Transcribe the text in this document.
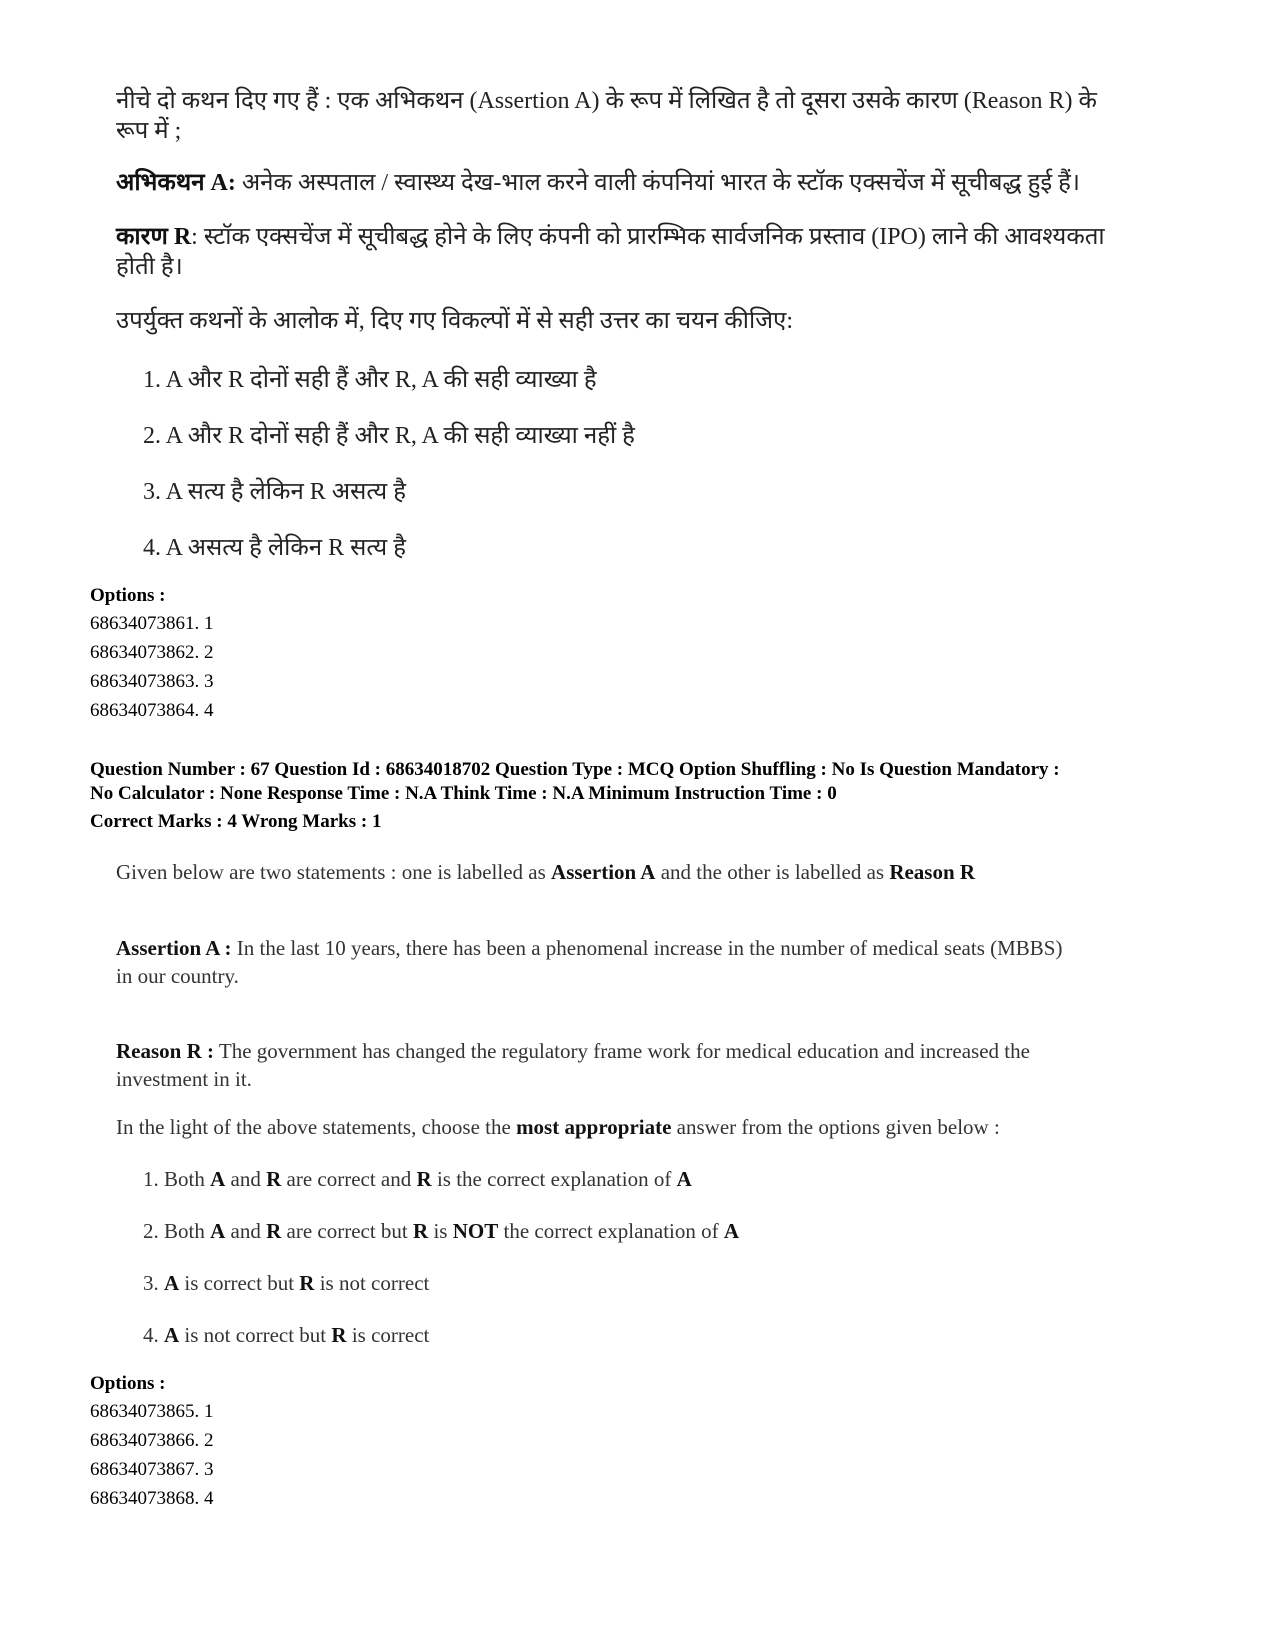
नीचे दो कथन दिए गए हैं : एक अभिकथन (Assertion A) के रूप में लिखित है तो दूसरा उसके कारण (Reason R) के रूप में ;
अभिकथन A: अनेक अस्पताल / स्वास्थ्य देख-भाल करने वाली कंपनियां भारत के स्टॉक एक्सचेंज में सूचीबद्ध हुई हैं।
कारण R: स्टॉक एक्सचेंज में सूचीबद्ध होने के लिए कंपनी को प्रारम्भिक सार्वजनिक प्रस्ताव (IPO) लाने की आवश्यकता होती है।
उपर्युक्त कथनों के आलोक में, दिए गए विकल्पों में से सही उत्तर का चयन कीजिए:
1. A और R दोनों सही हैं और R, A की सही व्याख्या है
2. A और R दोनों सही हैं और R, A की सही व्याख्या नहीं है
3. A सत्य है लेकिन R असत्य है
4. A असत्य है लेकिन R सत्य है
Options :
68634073861. 1
68634073862. 2
68634073863. 3
68634073864. 4
Question Number : 67 Question Id : 68634018702 Question Type : MCQ Option Shuffling : No Is Question Mandatory :
No Calculator : None Response Time : N.A Think Time : N.A Minimum Instruction Time : 0
Correct Marks : 4 Wrong Marks : 1
Given below are two statements : one is labelled as Assertion A and the other is labelled as Reason R
Assertion A : In the last 10 years, there has been a phenomenal increase in the number of medical seats (MBBS) in our country.
Reason R : The government has changed the regulatory frame work for medical education and increased the investment in it.
In the light of the above statements, choose the most appropriate answer from the options given below :
1. Both A and R are correct and R is the correct explanation of A
2. Both A and R are correct but R is NOT the correct explanation of A
3. A is correct but R is not correct
4. A is not correct but R is correct
Options :
68634073865. 1
68634073866. 2
68634073867. 3
68634073868. 4
